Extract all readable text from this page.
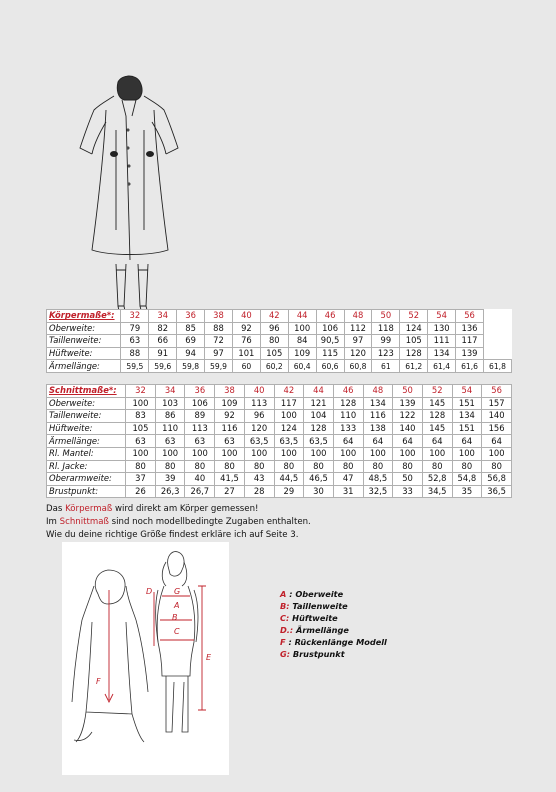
Körpermaße*:	32	34	36	38	40	42	44	46	48	50	52	54	56	
Oberweite:	79	82	85	88	92	96	100	106	112	118	124	130	136	
Taillenweite:	63	66	69	72	76	80	84	90,5	97	99	105	111	117	
Hüftweite:	88	91	94	97	101	105	109	115	120	123	128	134	139	
Ärmellänge:	59,5	59,6	59,8	59,9	60	60,2	60,4	60,6	60,8	61	61,2	61,4	61,6	61,8
Schnittmaße*:	32	34	36	38	40	42	44	46	48	50	52	54	56
Oberweite:	100	103	106	109	113	117	121	128	134	139	145	151	157
Taillenweite:	83	86	89	92	96	100	104	110	116	122	128	134	140
Hüftweite:	105	110	113	116	120	124	128	133	138	140	145	151	156
Ärmellänge:	63	63	63	63	63,5	63,5	63,5	64	64	64	64	64	64
Rl. Mantel:	100	100	100	100	100	100	100	100	100	100	100	100	100
Rl. Jacke:	80	80	80	80	80	80	80	80	80	80	80	80	80
Oberarmweite:	37	39	40	41,5	43	44,5	46,5	47	48,5	50	52,8	54,8	56,8
Brustpunkt:	26	26,3	26,7	27	28	29	30	31	32,5	33	34,5	35	36,5
Das Körpermaß wird direkt am Körper gemessen!
Im Schnittmaß sind noch modellbedingte Zugaben enthalten.
Wie du deine richtige Größe findest erkläre ich auf Seite 3.
D	G
A
B
C
E
F
A : Oberweite
B: Taillenweite
C: Hüftweite
D.: Ärmellänge
F : Rückenlänge Modell
G: Brustpunkt
